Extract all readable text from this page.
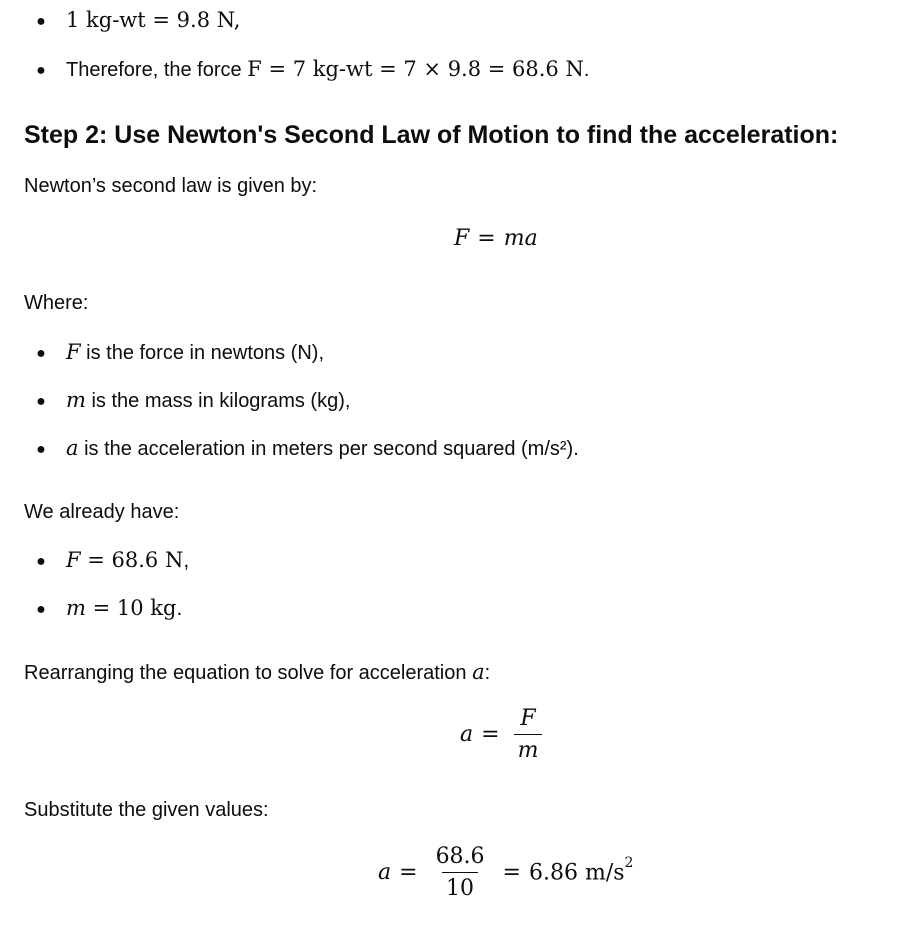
● 1 kg-wt = 9.8 N,
●	Therefore, the force F = 7 kg-wt = 7 × 9.8 = 68.6 N.
Step 2: Use Newton's Second Law of Motion to find the acceleration:
Newton’s second law is given by:
F = ma
Where:
● F is the force in newtons (N),
● m is the mass in kilograms (kg),
● a is the acceleration in meters per second squared (m/s²).
We already have:
● F = 68.6 N,
● m = 10 kg.
Rearranging the equation to solve for acceleration a:
$a = \frac{F}{m}$
Substitute the given values:
$a = \frac{68.6}{10} = 6.86$ $m/s^2$
